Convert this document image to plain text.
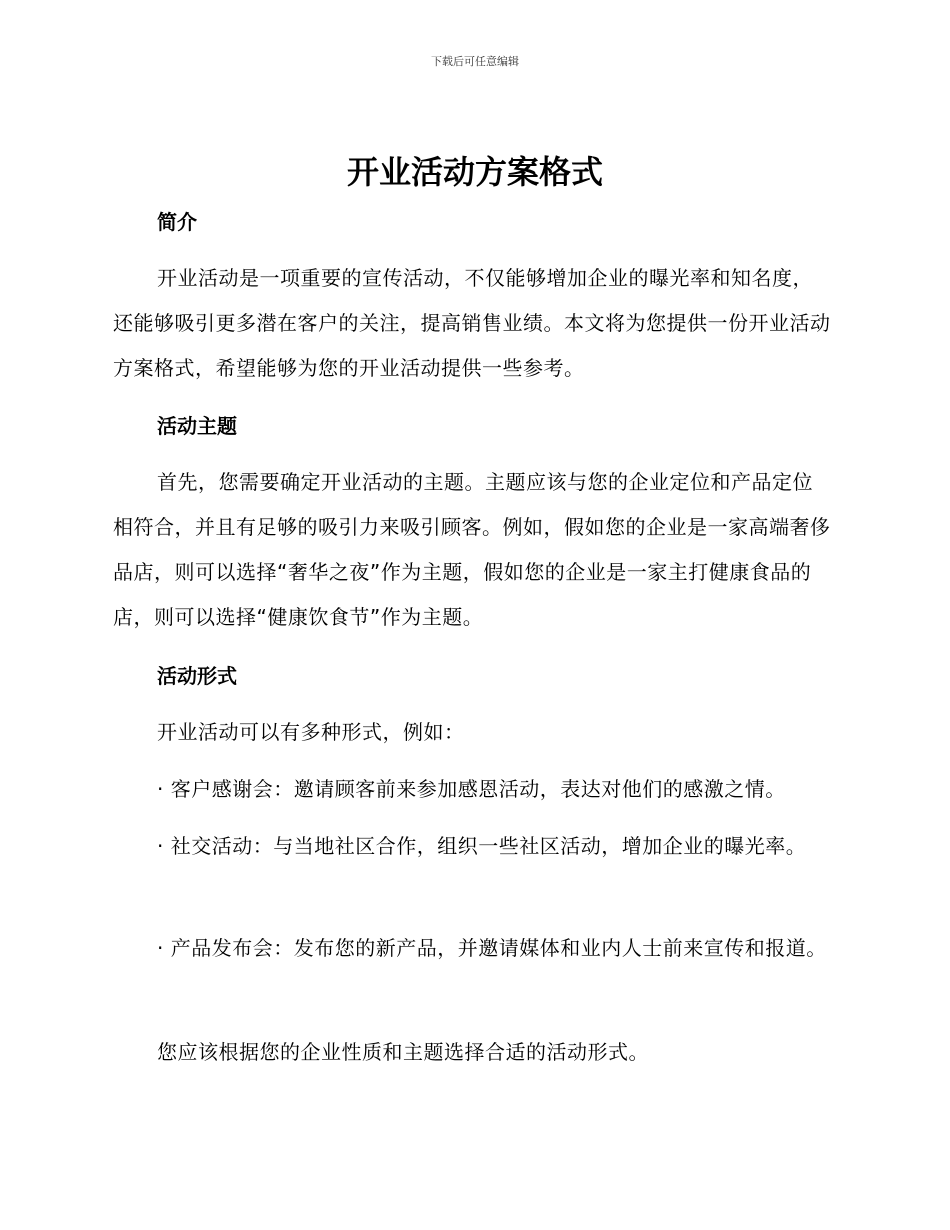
下载后可任意编辑
开业活动方案格式
简介

开业活动是一项重要的宣传活动，不仅能够增加企业的曝光率和知名度，还能够吸引更多潜在客户的关注，提高销售业绩。本文将为您提供一份开业活动方案格式，希望能够为您的开业活动提供一些参考。

活动主题

首先，您需要确定开业活动的主题。主题应该与您的企业定位和产品定位相符合，并且有足够的吸引力来吸引顾客。例如，假如您的企业是一家高端奢侈品店，则可以选择“奢华之夜”作为主题，假如您的企业是一家主打健康食品的店，则可以选择“健康饮食节”作为主题。

活动形式

开业活动可以有多种形式，例如：

· 客户感谢会：邀请顾客前来参加感恩活动，表达对他们的感激之情。

· 社交活动：与当地社区合作，组织一些社区活动，增加企业的曝光率。

· 产品发布会：发布您的新产品，并邀请媒体和业内人士前来宣传和报道。

您应该根据您的企业性质和主题选择合适的活动形式。
